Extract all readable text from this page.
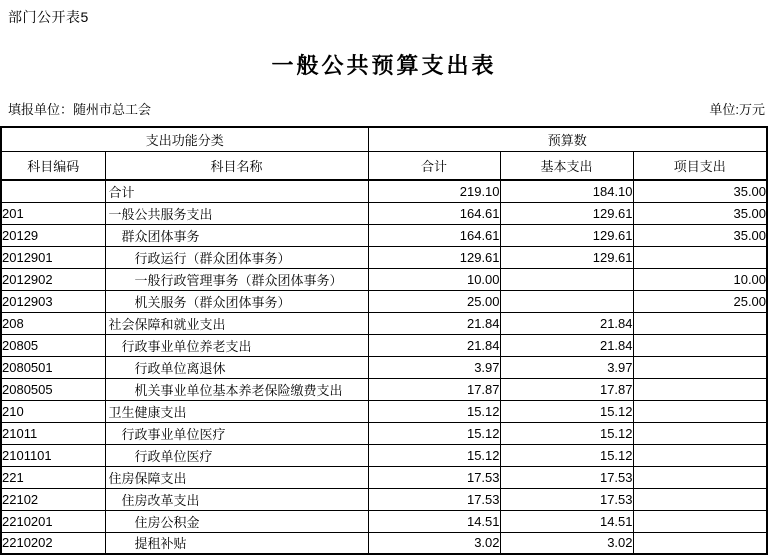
部门公开表5
一般公共预算支出表
填报单位：随州市总工会	单位:万元
支出功能分类		预算数		
科目编码	科目名称	合计	基本支出	项目支出
	合计	219.10	184.10	35.00
201	一般公共服务支出	164.61	129.61	35.00
20129	群众团体事务	164.61	129.61	35.00
2012901	行政运行（群众团体事务）	129.61	129.61	
2012902	一般行政管理事务（群众团体事务）	10.00		10.00
2012903	机关服务（群众团体事务）	25.00		25.00
208	社会保障和就业支出	21.84	21.84	
20805	行政事业单位养老支出	21.84	21.84	
2080501	行政单位离退休	3.97	3.97	
2080505	机关事业单位基本养老保险缴费支出	17.87	17.87	
210	卫生健康支出	15.12	15.12	
21011	行政事业单位医疗	15.12	15.12	
2101101	行政单位医疗	15.12	15.12	
221	住房保障支出	17.53	17.53	
22102	住房改革支出	17.53	17.53	
2210201	住房公积金	14.51	14.51	
2210202	提租补贴	3.02	3.02	
